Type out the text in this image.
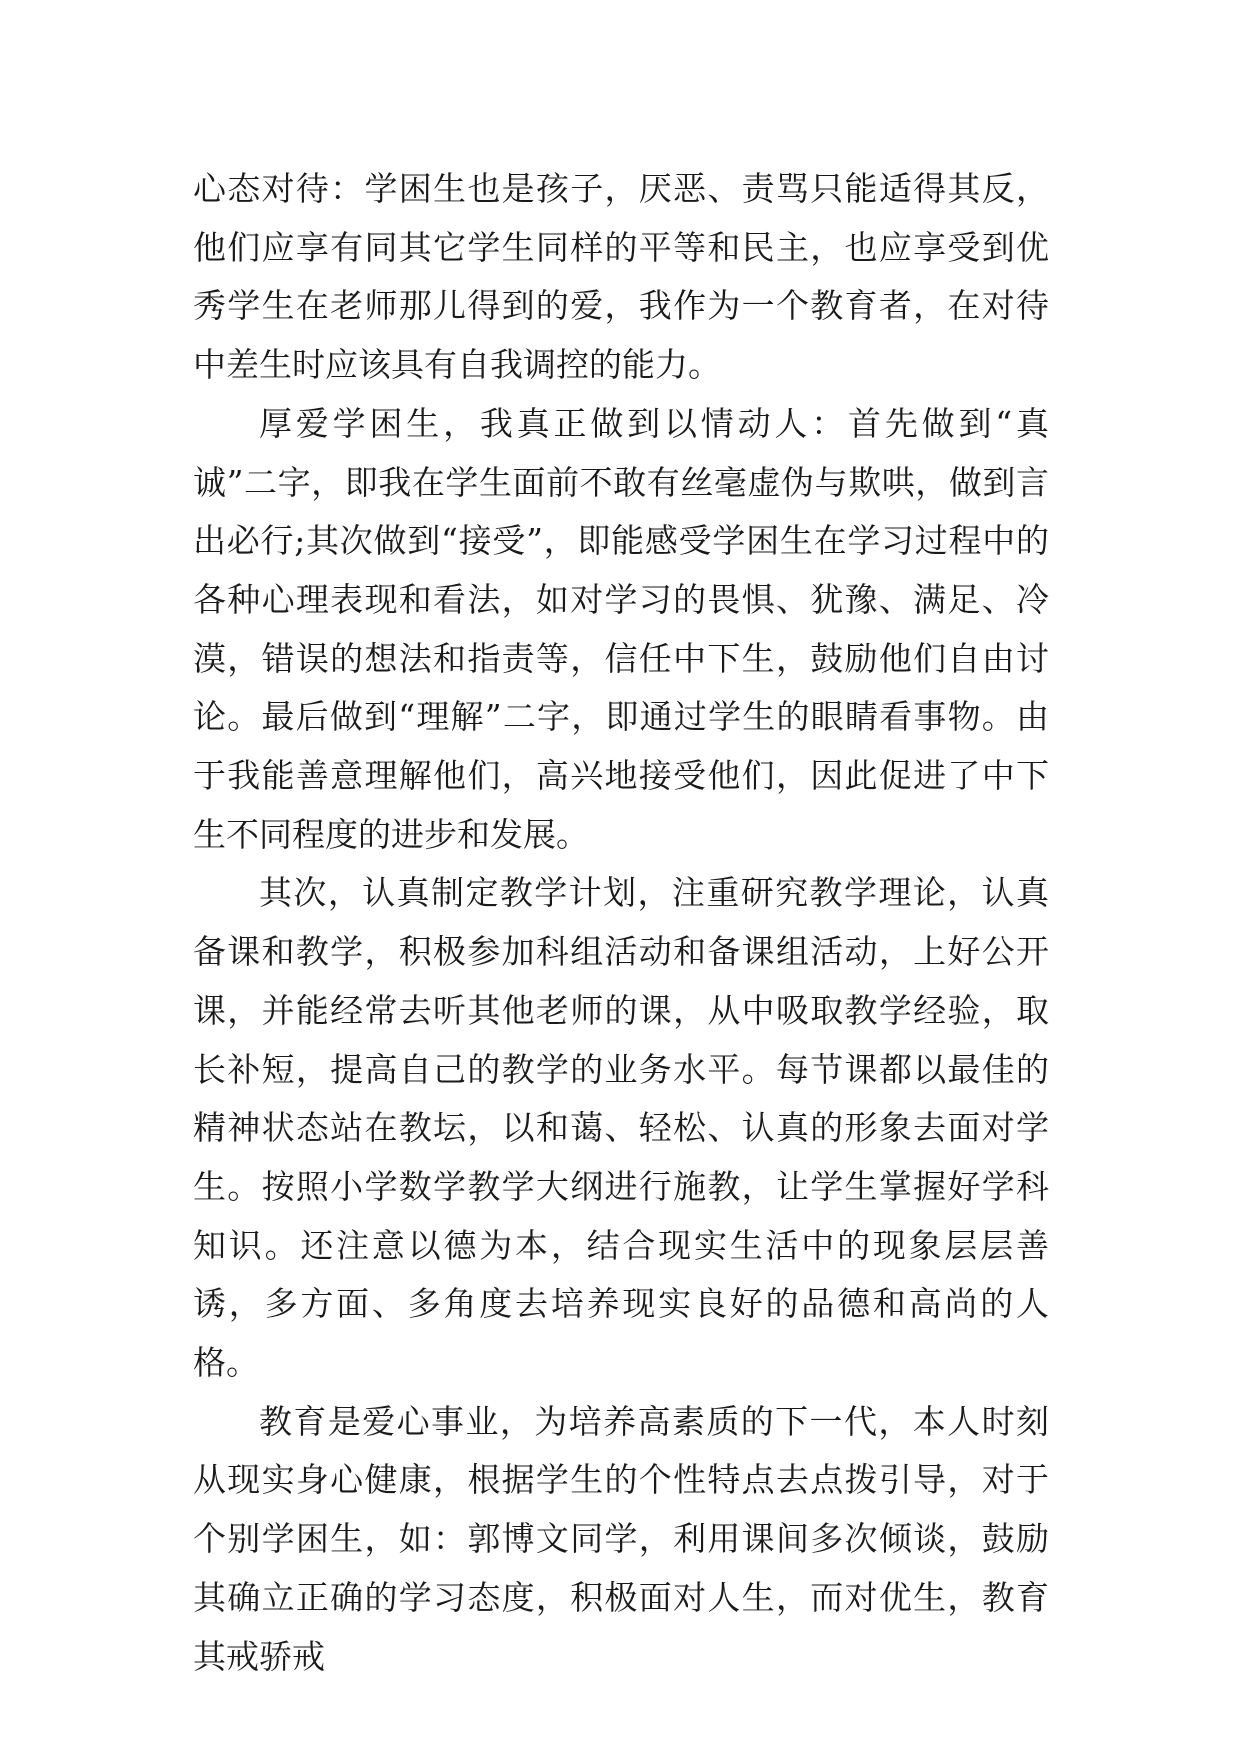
心态对待：学困生也是孩子，厌恶、责骂只能适得其反，他们应享有同其它学生同样的平等和民主，也应享受到优秀学生在老师那儿得到的爱，我作为一个教育者，在对待中差生时应该具有自我调控的能力。

厚爱学困生，我真正做到以情动人：首先做到“真诚”二字，即我在学生面前不敢有丝毫虚伪与欺哄，做到言出必行;其次做到“接受”，即能感受学困生在学习过程中的各种心理表现和看法，如对学习的畏惧、犹豫、满足、冷漠，错误的想法和指责等，信任中下生，鼓励他们自由讨论。最后做到“理解”二字，即通过学生的眼睛看事物。由于我能善意理解他们，高兴地接受他们，因此促进了中下生不同程度的进步和发展。

其次，认真制定教学计划，注重研究教学理论，认真备课和教学，积极参加科组活动和备课组活动，上好公开课，并能经常去听其他老师的课，从中吸取教学经验，取长补短，提高自己的教学的业务水平。每节课都以最佳的精神状态站在教坛，以和蔼、轻松、认真的形象去面对学生。按照小学数学教学大纲进行施教，让学生掌握好学科知识。还注意以德为本，结合现实生活中的现象层层善诱，多方面、多角度去培养现实良好的品德和高尚的人格。

教育是爱心事业，为培养高素质的下一代，本人时刻从现实身心健康，根据学生的个性特点去点拨引导，对于个别学困生，如：郭博文同学，利用课间多次倾谈，鼓励其确立正确的学习态度，积极面对人生，而对优生，教育其戒骄戒
